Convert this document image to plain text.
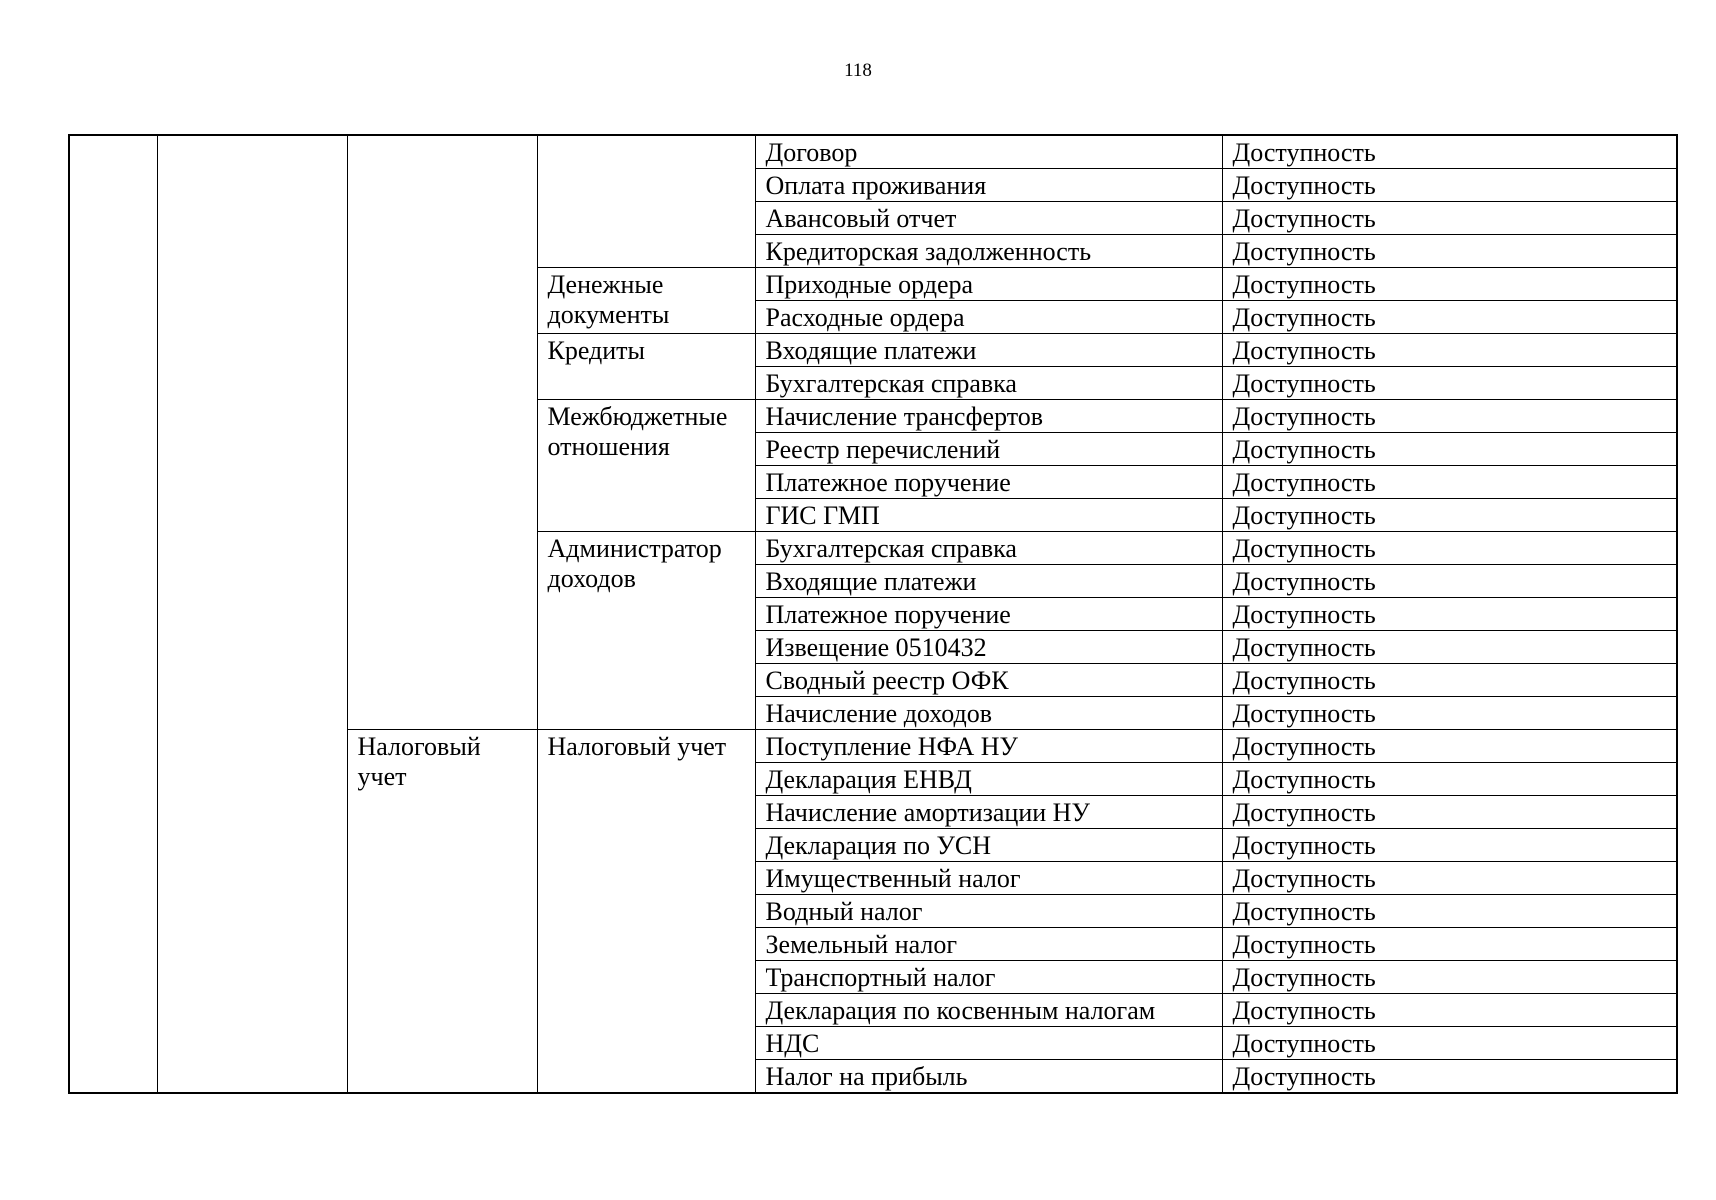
118
				Договор	Доступность
				Оплата проживания	Доступность
				Авансовый отчет	Доступность
				Кредиторская задолженность	Доступность
			Денежные документы	Приходные ордера	Доступность
				Расходные ордера	Доступность
			Кредиты	Входящие платежи	Доступность
				Бухгалтерская справка	Доступность
			Межбюджетные отношения	Начисление трансфертов	Доступность
				Реестр перечислений	Доступность
				Платежное поручение	Доступность
				ГИС ГМП	Доступность
			Администратор доходов	Бухгалтерская справка	Доступность
				Входящие платежи	Доступность
				Платежное поручение	Доступность
				Извещение 0510432	Доступность
				Сводный реестр ОФК	Доступность
				Начисление доходов	Доступность
		Налоговый учет	Налоговый учет	Поступление НФА НУ	Доступность
				Декларация ЕНВД	Доступность
				Начисление амортизации НУ	Доступность
				Декларация по УСН	Доступность
				Имущественный налог	Доступность
				Водный налог	Доступность
				Земельный налог	Доступность
				Транспортный налог	Доступность
				Декларация по косвенным налогам	Доступность
				НДС	Доступность
				Налог на прибыль	Доступность
